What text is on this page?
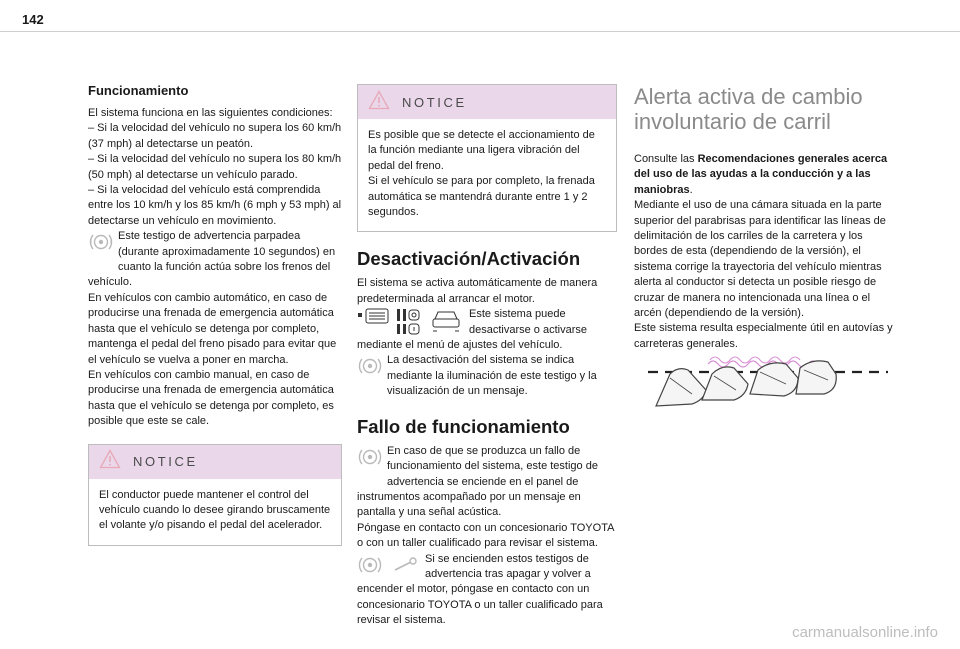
142
Funcionamiento
El sistema funciona en las siguientes condiciones:
– Si la velocidad del vehículo no supera los 60 km/h (37 mph) al detectarse un peatón.
– Si la velocidad del vehículo no supera los 80 km/h (50 mph) al detectarse un vehículo parado.
– Si la velocidad del vehículo está comprendida entre los 10 km/h y los 85 km/h (6 mph y 53 mph) al detectarse un vehículo en movimiento.
Este testigo de advertencia parpadea (durante aproximadamente 10 segundos) en cuanto la función actúa sobre los frenos del vehículo.
En vehículos con cambio automático, en caso de producirse una frenada de emergencia automática hasta que el vehículo se detenga por completo, mantenga el pedal del freno pisado para evitar que el vehículo se vuelva a poner en marcha.
En vehículos con cambio manual, en caso de producirse una frenada de emergencia automática hasta que el vehículo se detenga por completo, es posible que este se cale.
NOTICE
El conductor puede mantener el control del vehículo cuando lo desee girando bruscamente el volante y/o pisando el pedal del acelerador.
NOTICE
Es posible que se detecte el accionamiento de la función mediante una ligera vibración del pedal del freno.
Si el vehículo se para por completo, la frenada automática se mantendrá durante entre 1 y 2 segundos.
Desactivación/Activación
El sistema se activa automáticamente de manera predeterminada al arrancar el motor.
Este sistema puede desactivarse o activarse mediante el menú de ajustes del vehículo.
La desactivación del sistema se indica mediante la iluminación de este testigo y la visualización de un mensaje.
Fallo de funcionamiento
En caso de que se produzca un fallo de funcionamiento del sistema, este testigo de advertencia se enciende en el panel de instrumentos acompañado por un mensaje en pantalla y una señal acústica.
Póngase en contacto con un concesionario TOYOTA o con un taller cualificado para revisar el sistema.
Si se encienden estos testigos de advertencia tras apagar y volver a encender el motor, póngase en contacto con un concesionario TOYOTA o un taller cualificado para revisar el sistema.
Alerta activa de cambio involuntario de carril
Consulte las Recomendaciones generales acerca del uso de las ayudas a la conducción y a las maniobras.
Mediante el uso de una cámara situada en la parte superior del parabrisas para identificar las líneas de delimitación de los carriles de la carretera y los bordes de esta (dependiendo de la versión), el sistema corrige la trayectoria del vehículo mientras alerta al conductor si detecta un posible riesgo de cruzar de manera no intencionada una línea o el arcén (dependiendo de la versión).
Este sistema resulta especialmente útil en autovías y carreteras generales.
carmanualsonline.info
